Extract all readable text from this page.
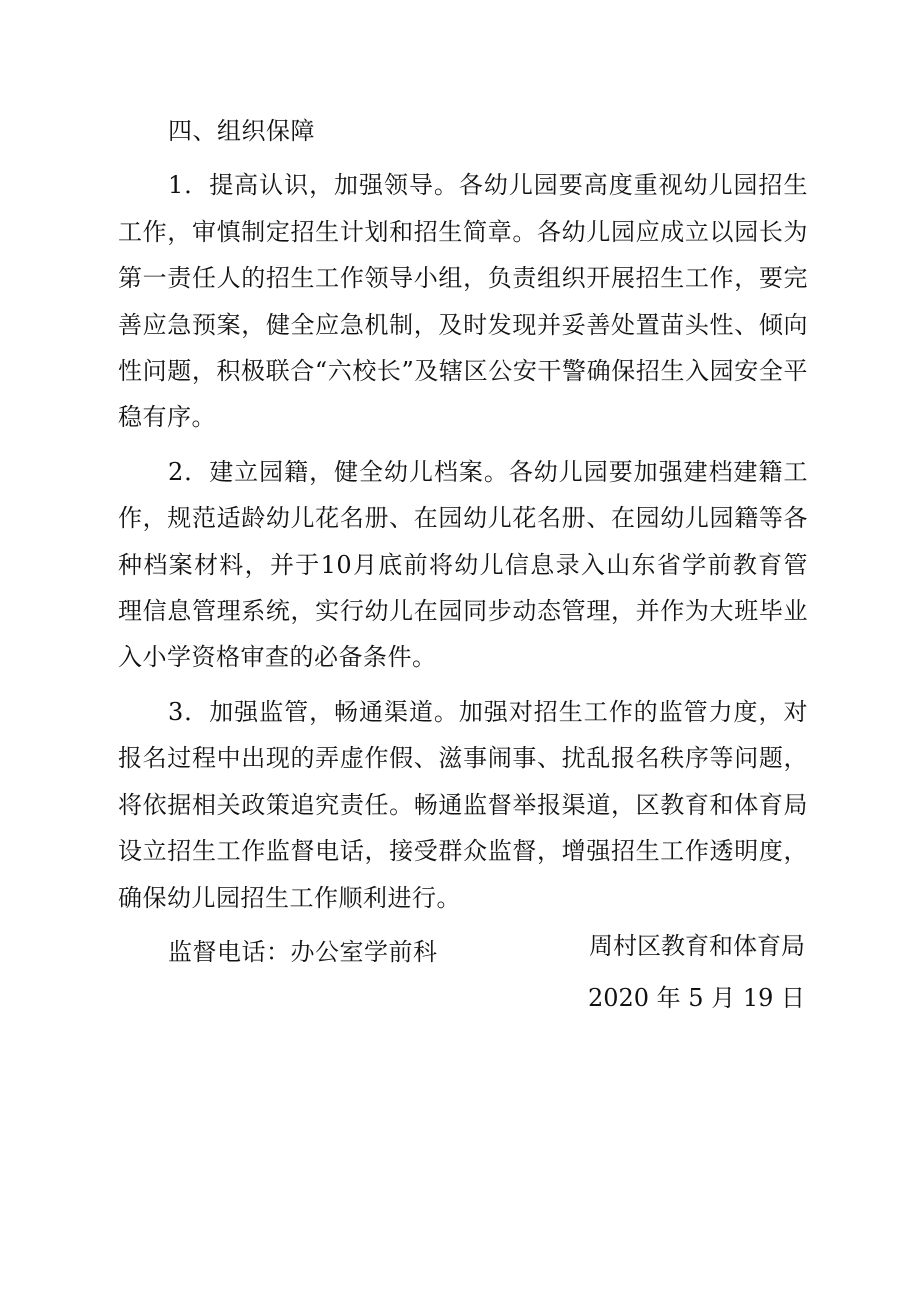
四、组织保障

1．提高认识，加强领导。各幼儿园要高度重视幼儿园招生工作，审慎制定招生计划和招生简章。各幼儿园应成立以园长为第一责任人的招生工作领导小组，负责组织开展招生工作，要完善应急预案，健全应急机制，及时发现并妥善处置苗头性、倾向性问题，积极联合“六校长”及辖区公安干警确保招生入园安全平稳有序。

2．建立园籍，健全幼儿档案。各幼儿园要加强建档建籍工作，规范适龄幼儿花名册、在园幼儿花名册、在园幼儿园籍等各种档案材料，并于10月底前将幼儿信息录入山东省学前教育管理信息管理系统，实行幼儿在园同步动态管理，并作为大班毕业入小学资格审查的必备条件。

3．加强监管，畅通渠道。加强对招生工作的监管力度，对报名过程中出现的弄虚作假、滋事闹事、扰乱报名秩序等问题，将依据相关政策追究责任。畅通监督举报渠道，区教育和体育局设立招生工作监督电话，接受群众监督，增强招生工作透明度，确保幼儿园招生工作顺利进行。

监督电话：办公室学前科	周村区教育和体育局
2020 年 5 月 19 日
